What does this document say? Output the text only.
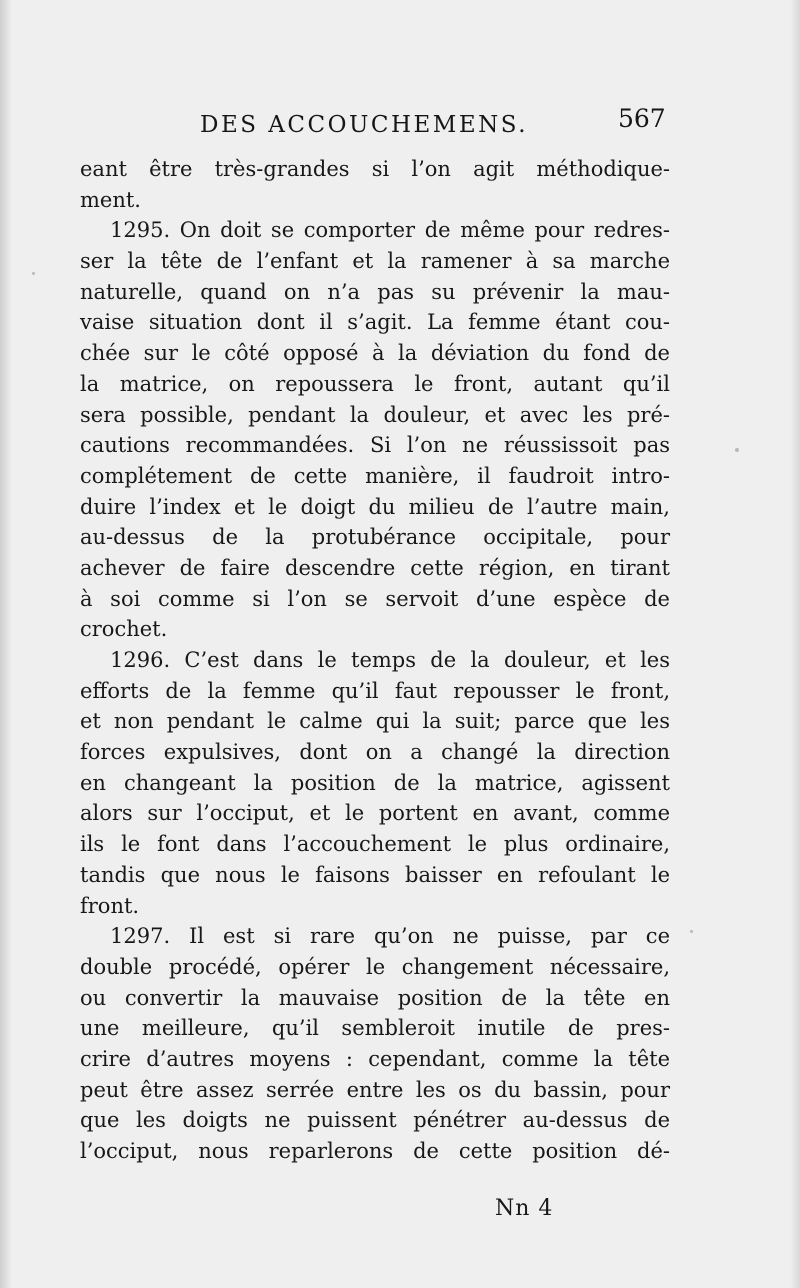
DES ACCOUCHEMENS.	567
eant être très-grandes si l’on agit méthodique-
ment.
1295. On doit se comporter de même pour redres-
ser la tête de l’enfant et la ramener à sa marche
naturelle, quand on n’a pas su prévenir la mau-
vaise situation dont il s’agit. La femme étant cou-
chée sur le côté opposé à la déviation du fond de
la matrice, on repoussera le front, autant qu’il
sera possible, pendant la douleur, et avec les pré-
cautions recommandées. Si l’on ne réussissoit pas
complétement de cette manière, il faudroit intro-
duire l’index et le doigt du milieu de l’autre main,
au-dessus de la protubérance occipitale, pour
achever de faire descendre cette région, en tirant
à soi comme si l’on se servoit d’une espèce de
crochet.
1296. C’est dans le temps de la douleur, et les
efforts de la femme qu’il faut repousser le front,
et non pendant le calme qui la suit; parce que les
forces expulsives, dont on a changé la direction
en changeant la position de la matrice, agissent
alors sur l’occiput, et le portent en avant, comme
ils le font dans l’accouchement le plus ordinaire,
tandis que nous le faisons baisser en refoulant le
front.
1297. Il est si rare qu’on ne puisse, par ce
double procédé, opérer le changement nécessaire,
ou convertir la mauvaise position de la tête en
une meilleure, qu’il sembleroit inutile de pres-
crire d’autres moyens : cependant, comme la tête
peut être assez serrée entre les os du bassin, pour
que les doigts ne puissent pénétrer au-dessus de
l’occiput, nous reparlerons de cette position dé-
Nn 4
